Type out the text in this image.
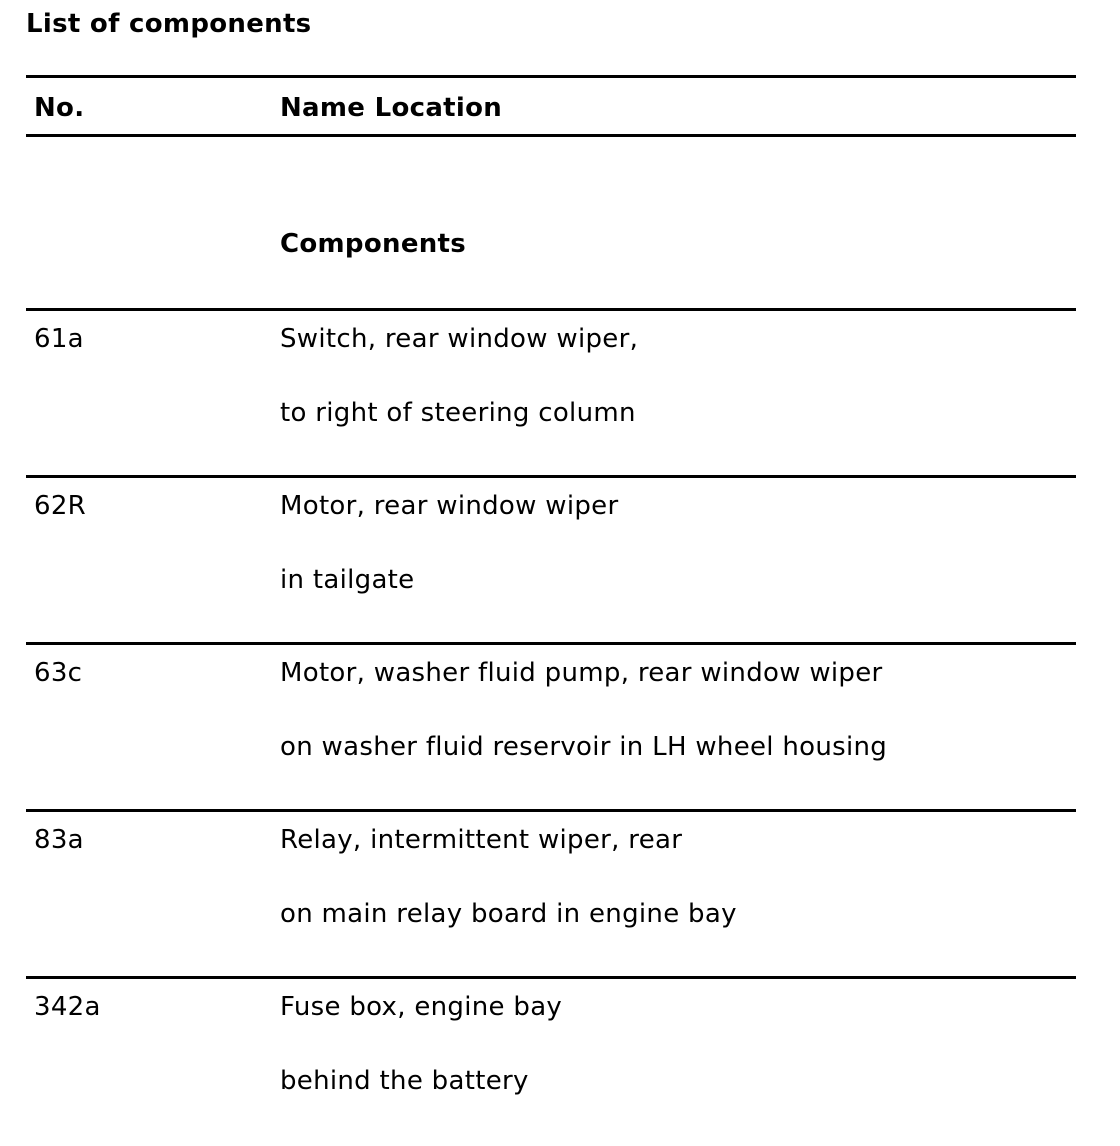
List of components
No.	Name Location
Components
61a	Switch, rear window wiper,
to right of steering column
62R	Motor, rear window wiper
in tailgate
63c	Motor, washer fluid pump, rear window wiper
on washer fluid reservoir in LH wheel housing
83a	Relay, intermittent wiper, rear
on main relay board in engine bay
342a	Fuse box, engine bay
behind the battery
